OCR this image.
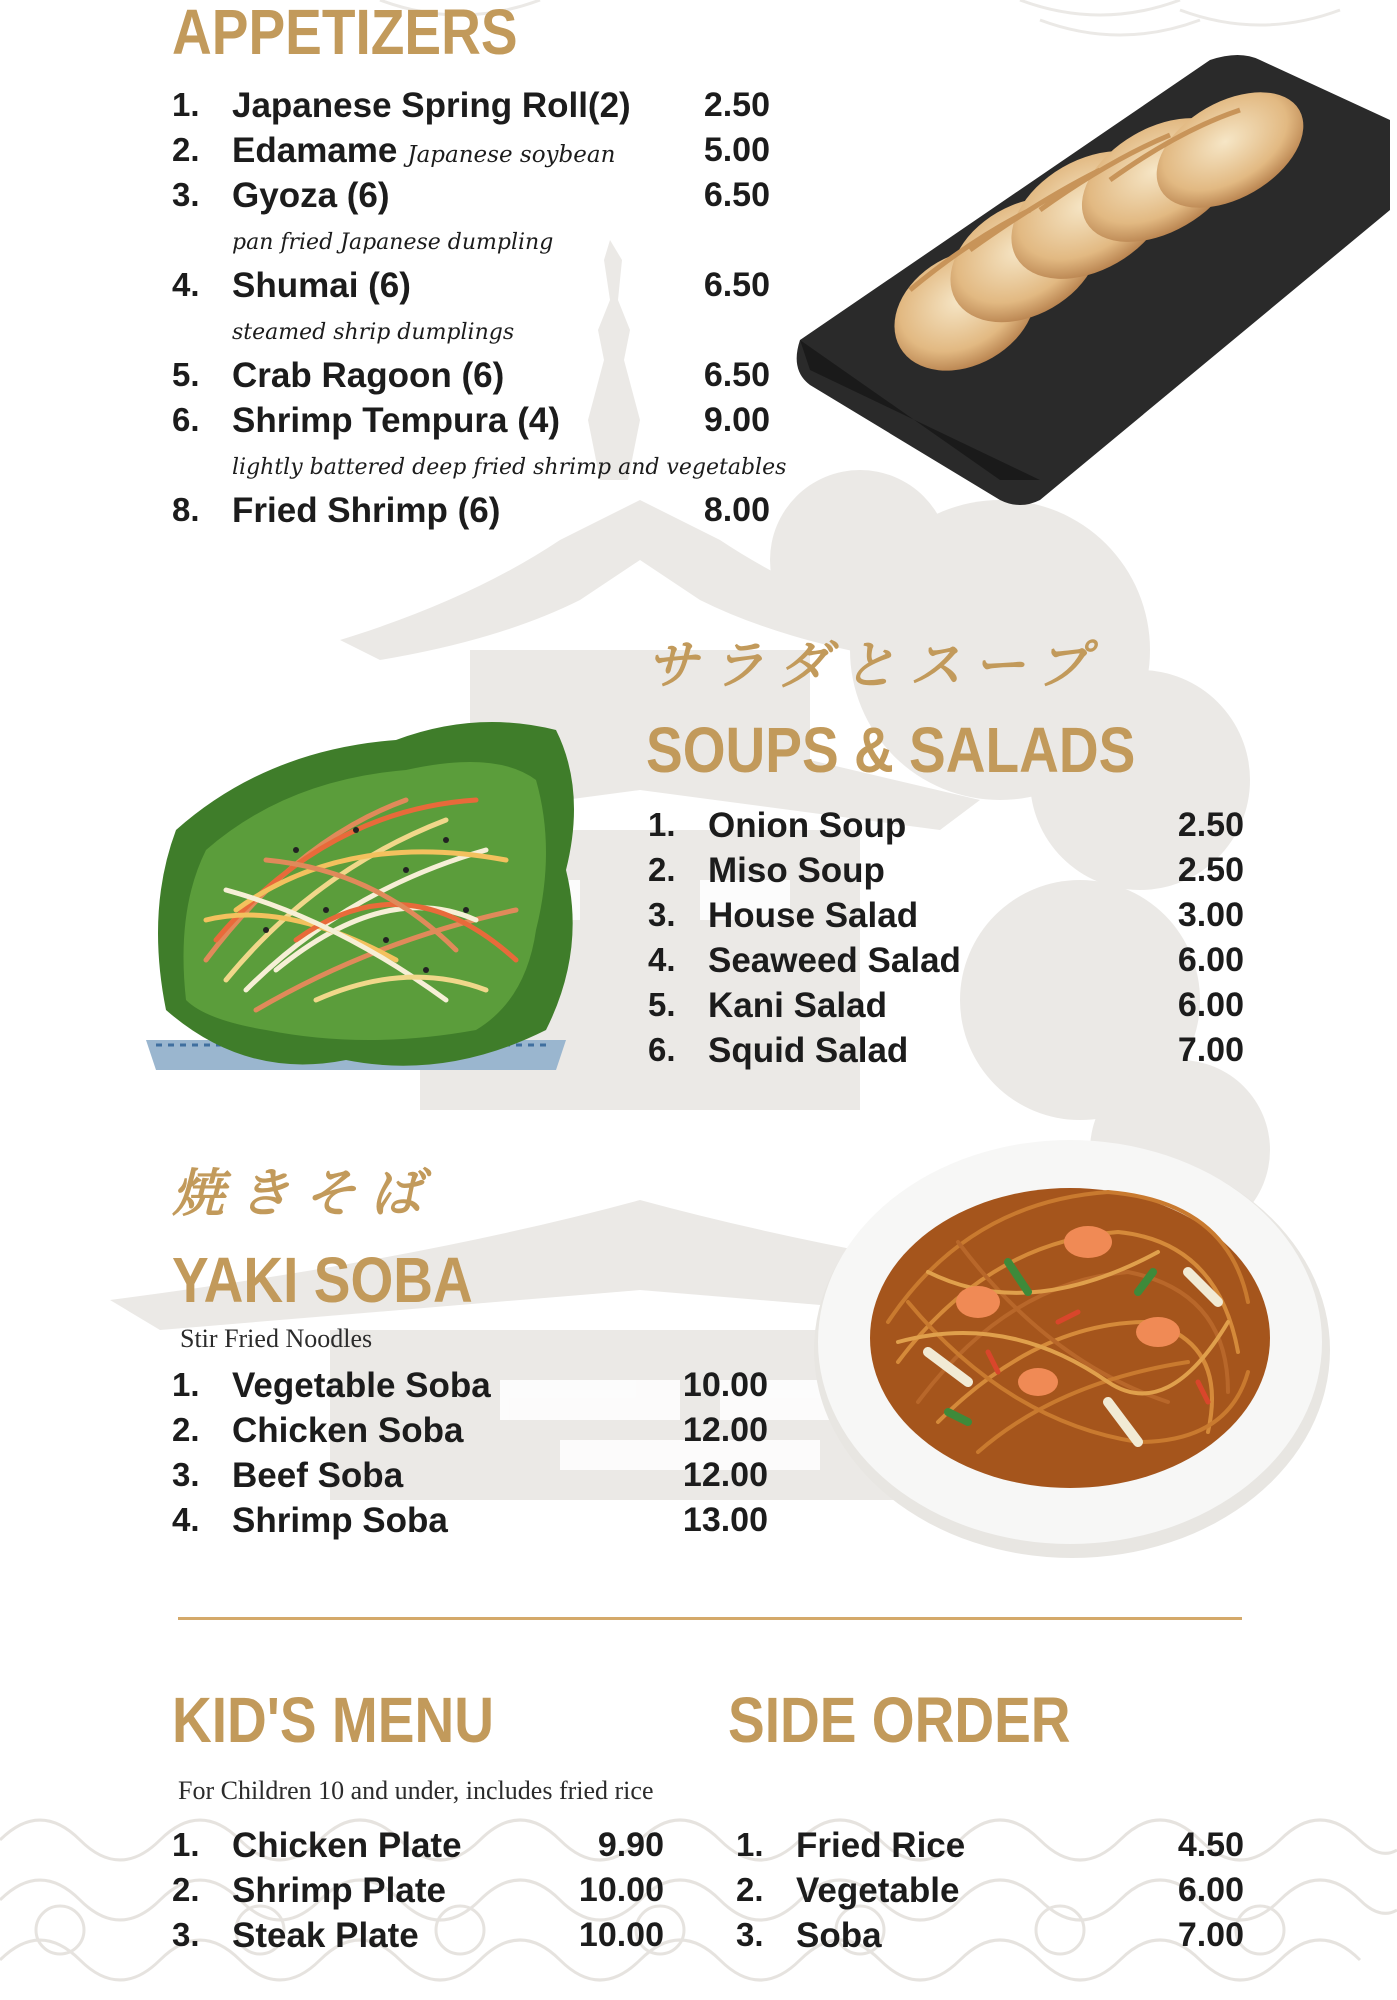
APPETIZERS
1. Japanese Spring Roll(2) 2.50
2. Edamame Japanese soybean	5.00
3. Gyoza (6)	6.50
pan fried Japanese dumpling
4. Shumai (6)	6.50
steamed shrip dumplings
5. Crab Ragoon (6)	6.50
6. Shrimp Tempura (4)	9.00
lightly battered deep fried shrimp and vegetables
8. Fried Shrimp (6)	8.00
サラダとスープ
SOUPS & SALADS
1. Onion Soup	2.50
2. Miso Soup	2.50
3. House Salad	3.00
4. Seaweed Salad	6.00
5. Kani Salad	6.00
6. Squid Salad	7.00
焼きそば
YAKI SOBA
Stir Fried Noodles
1. Vegetable Soba	10.00
2. Chicken Soba	12.00
3. Beef Soba	12.00
4. Shrimp Soba	13.00
KID'S MENU
For Children 10 and under, includes fried rice
1. Chicken Plate	9.90
2. Shrimp Plate	10.00
3. Steak Plate	10.00
SIDE ORDER
1. Fried Rice	4.50
2. Vegetable	6.00
3. Soba	7.00
